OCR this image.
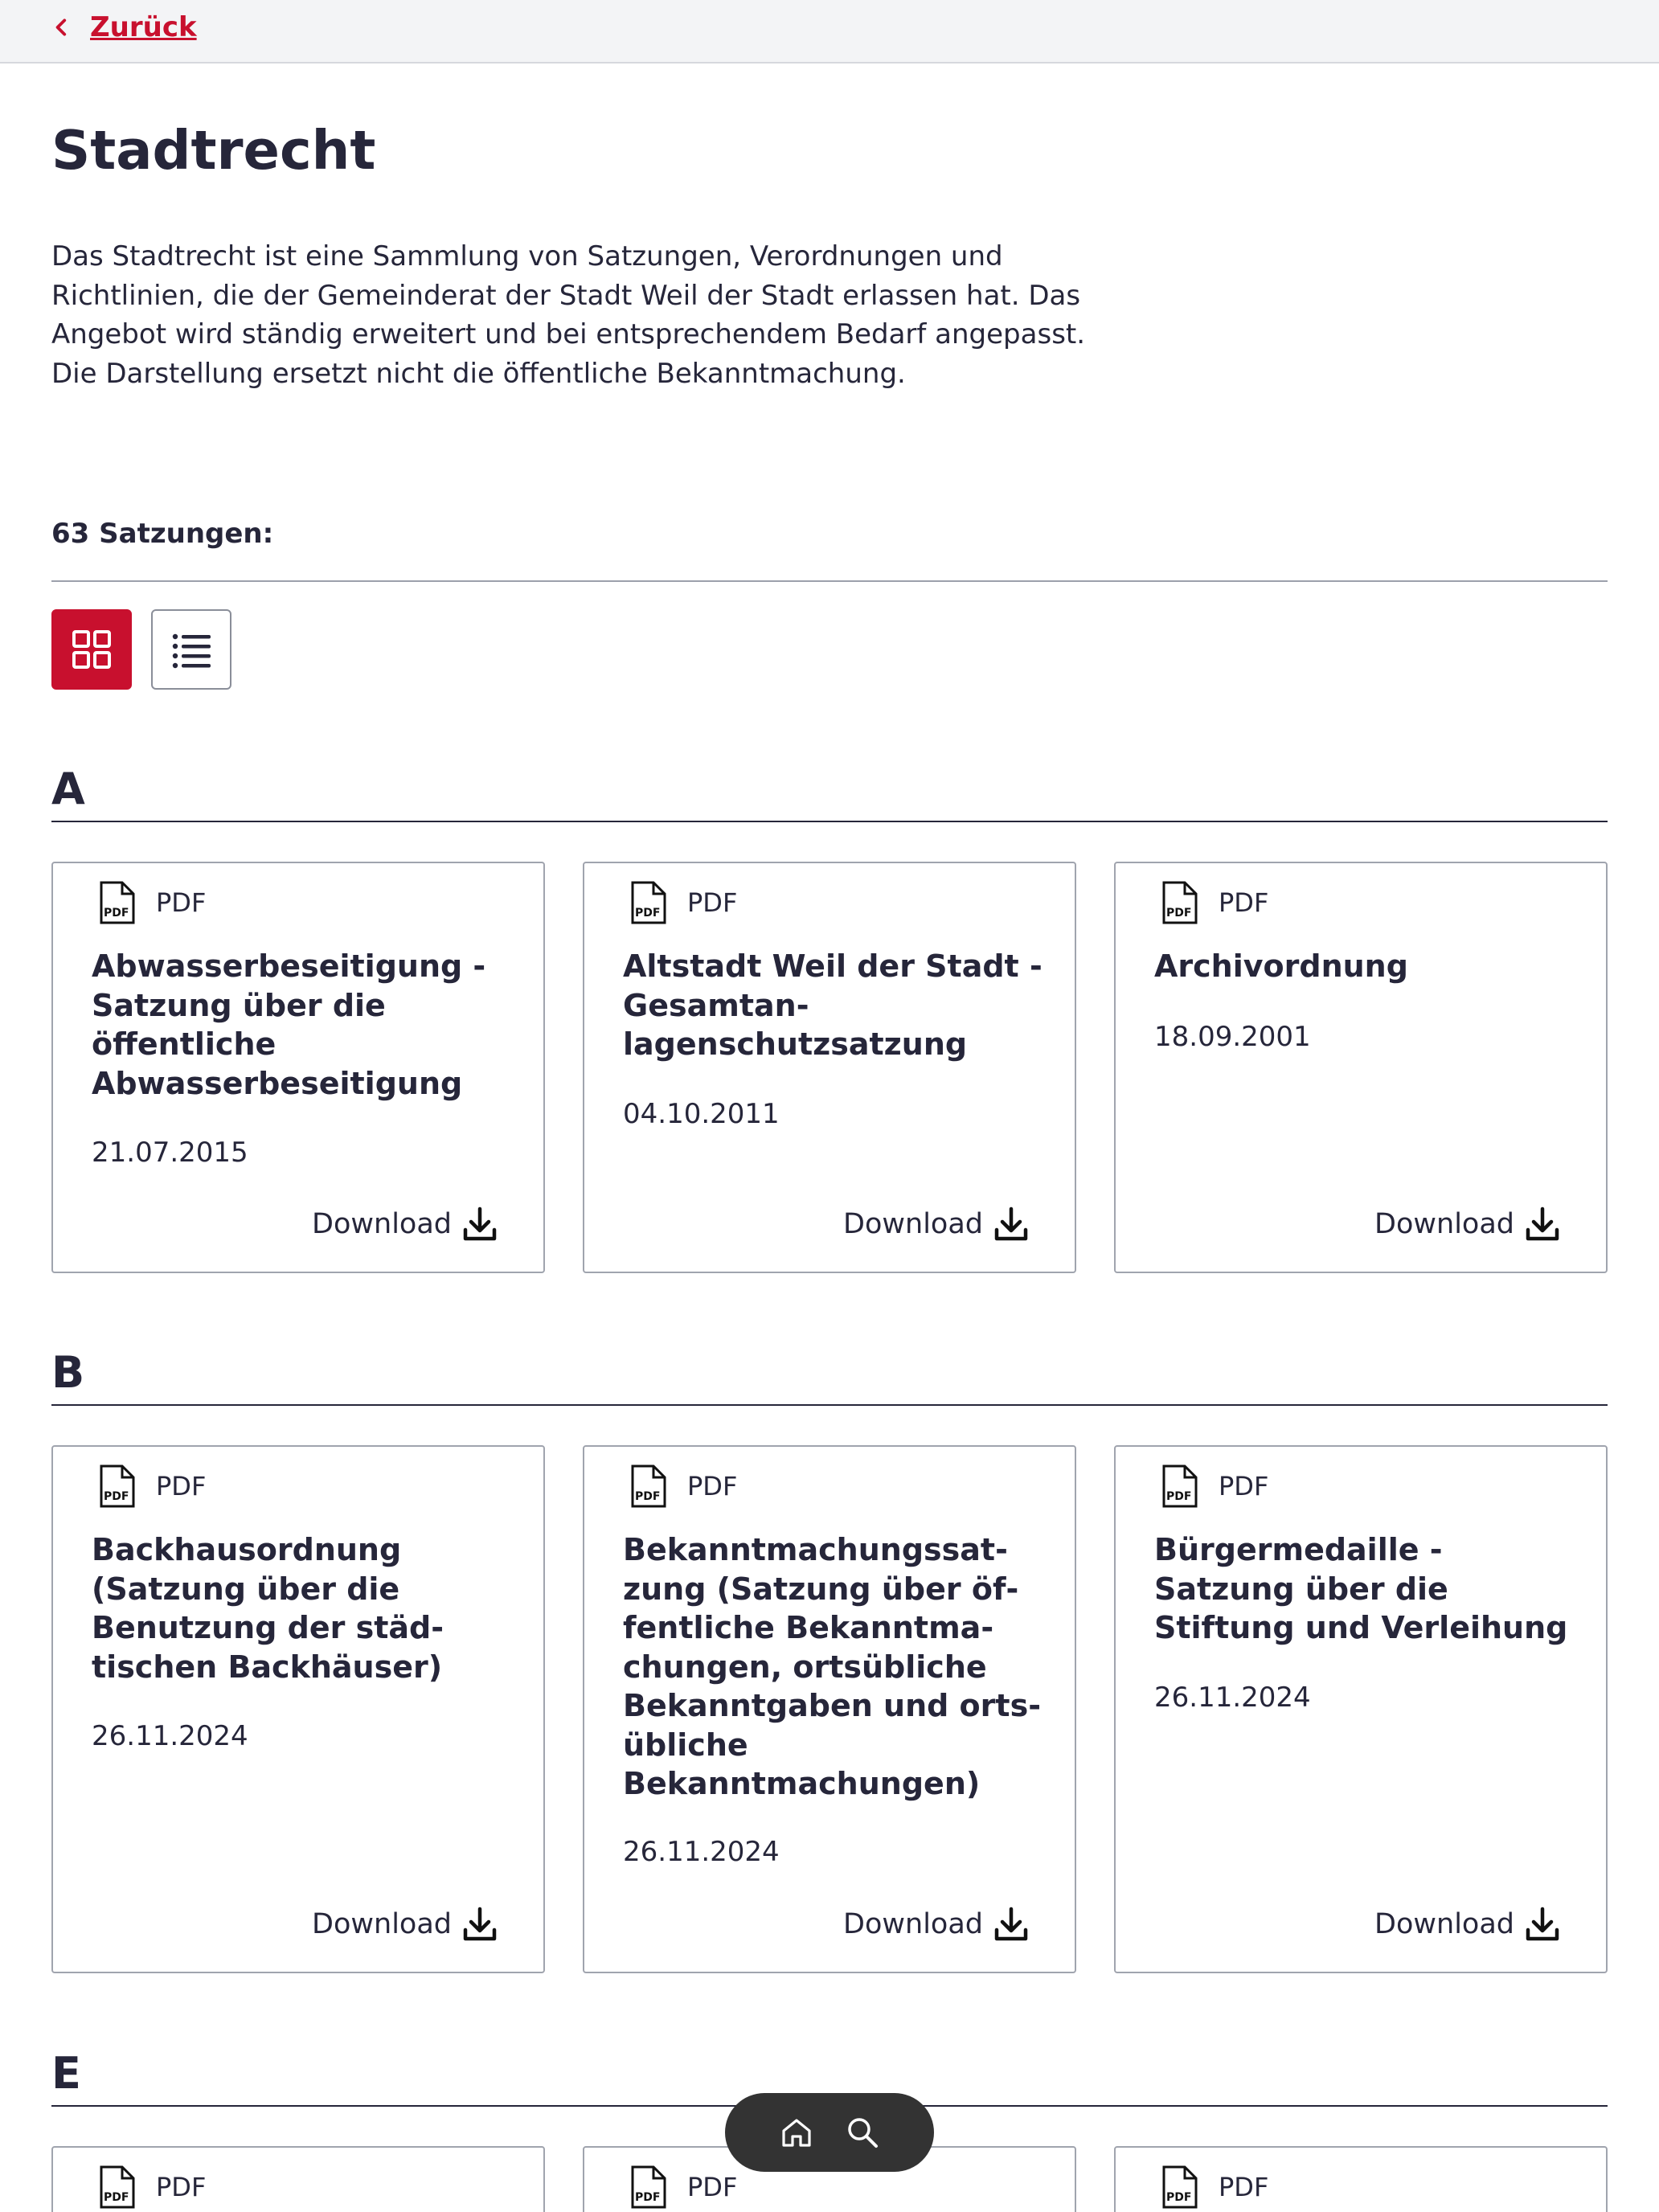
Zurück
Stadtrecht

Das Stadtrecht ist eine Sammlung von Satzungen, Verordnungen und Richtlinien, die der Gemeinderat der Stadt Weil der Stadt erlassen hat. Das Angebot wird ständig erweitert und bei entsprechendem Bedarf angepasst. Die Darstellung ersetzt nicht die öffentliche Bekanntmachung.

63 Satzungen:
A
PDF PDF
Abwasserbeseitigung - Satzung über die öffentliche Abwasserbeseitigung
21.07.2015
Download
PDF PDF
Altstadt Weil der Stadt - Gesamtanlagenschutzsatzung
04.10.2011
Download
PDF PDF
Archivordnung
18.09.2001
Download
B
PDF PDF
Backhausordnung (Satzung über die Benutzung der städtischen Backhäuser)
26.11.2024
Download
PDF PDF
Bekanntmachungssatzung (Satzung über öffentliche Bekanntmachungen, ortsübliche Bekanntgaben und ortsübliche Bekanntmachungen)
26.11.2024
Download
PDF PDF
Bürgermedaille - Satzung über die Stiftung und Verleihung
26.11.2024
Download
E
PDF PDF	PDF PDF	PDF PDF
